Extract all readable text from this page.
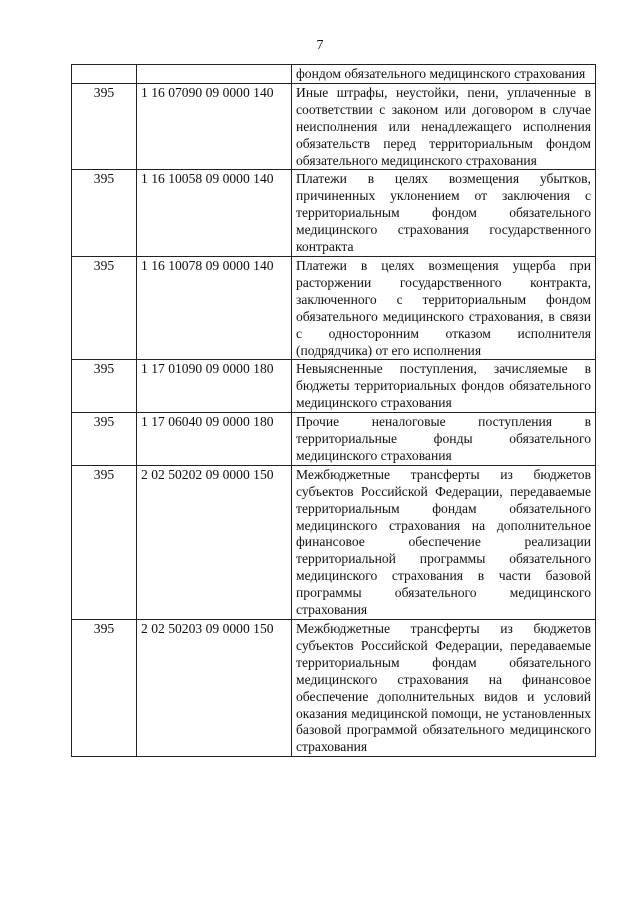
7
		фондом обязательного медицинского страхования
395	1 16 07090 09 0000 140	Иные штрафы, неустойки, пени, уплаченные в соответствии с законом или договором в случае неисполнения или ненадлежащего исполнения обязательств перед территориальным фондом обязательного медицинского страхования
395	1 16 10058 09 0000 140	Платежи в целях возмещения убытков, причиненных уклонением от заключения с территориальным фондом обязательного медицинского страхования государственного контракта
395	1 16 10078 09 0000 140	Платежи в целях возмещения ущерба при расторжении государственного контракта, заключенного с территориальным фондом обязательного медицинского страхования, в связи с односторонним отказом исполнителя (подрядчика) от его исполнения
395	1 17 01090 09 0000 180	Невыясненные поступления, зачисляемые в бюджеты территориальных фондов обязательного медицинского страхования
395	1 17 06040 09 0000 180	Прочие неналоговые поступления в территориальные фонды обязательного медицинского страхования
395	2 02 50202 09 0000 150	Межбюджетные трансферты из бюджетов субъектов Российской Федерации, передаваемые территориальным фондам обязательного медицинского страхования на дополнительное финансовое обеспечение реализации территориальной программы обязательного медицинского страхования в части базовой программы обязательного медицинского страхования
395	2 02 50203 09 0000 150	Межбюджетные трансферты из бюджетов субъектов Российской Федерации, передаваемые территориальным фондам обязательного медицинского страхования на финансовое обеспечение дополнительных видов и условий оказания медицинской помощи, не установленных базовой программой обязательного медицинского страхования
